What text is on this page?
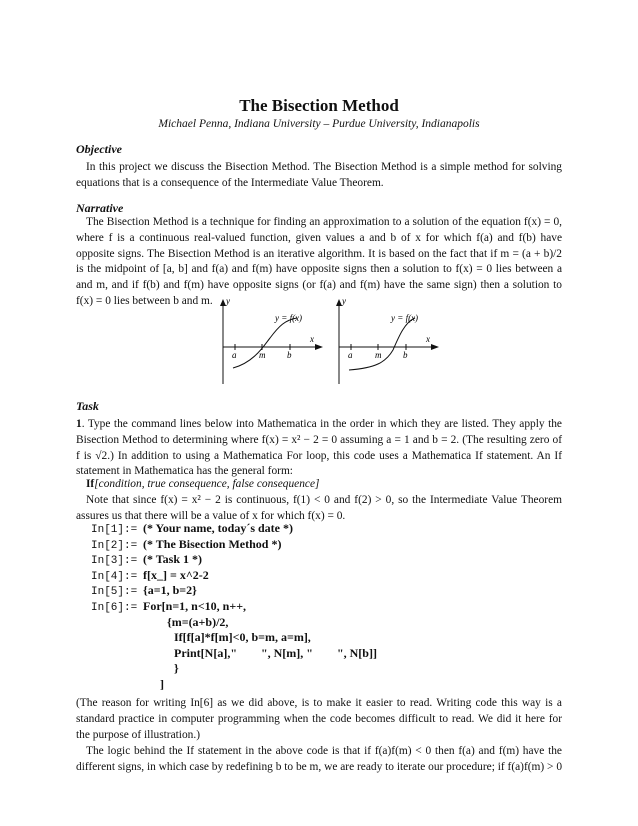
The Bisection Method
Michael Penna, Indiana University – Purdue University, Indianapolis
Objective
In this project we discuss the Bisection Method. The Bisection Method is a simple method for solving equations that is a consequence of the Intermediate Value Theorem.
Narrative
The Bisection Method is a technique for finding an approximation to a solution of the equation f(x) = 0, where f is a continuous real-valued function, given values a and b of x for which f(a) and f(b) have opposite signs. The Bisection Method is an iterative algorithm. It is based on the fact that if m = (a + b)/2 is the midpoint of [a, b] and f(a) and f(m) have opposite signs then a solution to f(x) = 0 lies between a and m, and if f(b) and f(m) have opposite signs (or f(a) and f(m) have the same sign) then a solution to f(x) = 0 lies between b and m.	y
x
y = f(x)
a	m b
y
x
y = f(x)
a	m b
Task
1. Type the command lines below into Mathematica in the order in which they are listed. They apply the Bisection Method to determining where f(x) = x² − 2 = 0 assuming a = 1 and b = 2. (The resulting zero of f is √2.) In addition to using a Mathematica For loop, this code uses a Mathematica If statement. An If statement in Mathematica has the general form:
If[condition, true consequence, false consequence]
Note that since f(x) = x² − 2 is continuous, f(1) < 0 and f(2) > 0, so the Intermediate Value Theorem assures us that there will be a value of x for which f(x) = 0.
In[1]:= (* Your name, today´s date *)
In[2]:= (* The Bisection Method *)
In[3]:= (* Task 1 *)
In[4]:= f[x_] = x^2-2
In[5]:= {a=1, b=2}
In[6]:= For[n=1, n<10, n++,
{m=(a+b)/2,
If[f[a]*f[m]<0, b=m, a=m],
Print[N[a],"        ", N[m], "        ", N[b]]
}
]
(The reason for writing In[6] as we did above, is to make it easier to read. Writing code this way is a standard practice in computer programming when the code becomes difficult to read. We did it here for the purpose of illustration.)
The logic behind the If statement in the above code is that if f(a)f(m) < 0 then f(a) and f(m) have the different signs, in which case by redefining b to be m, we are ready to iterate our procedure; if f(a)f(m) > 0
